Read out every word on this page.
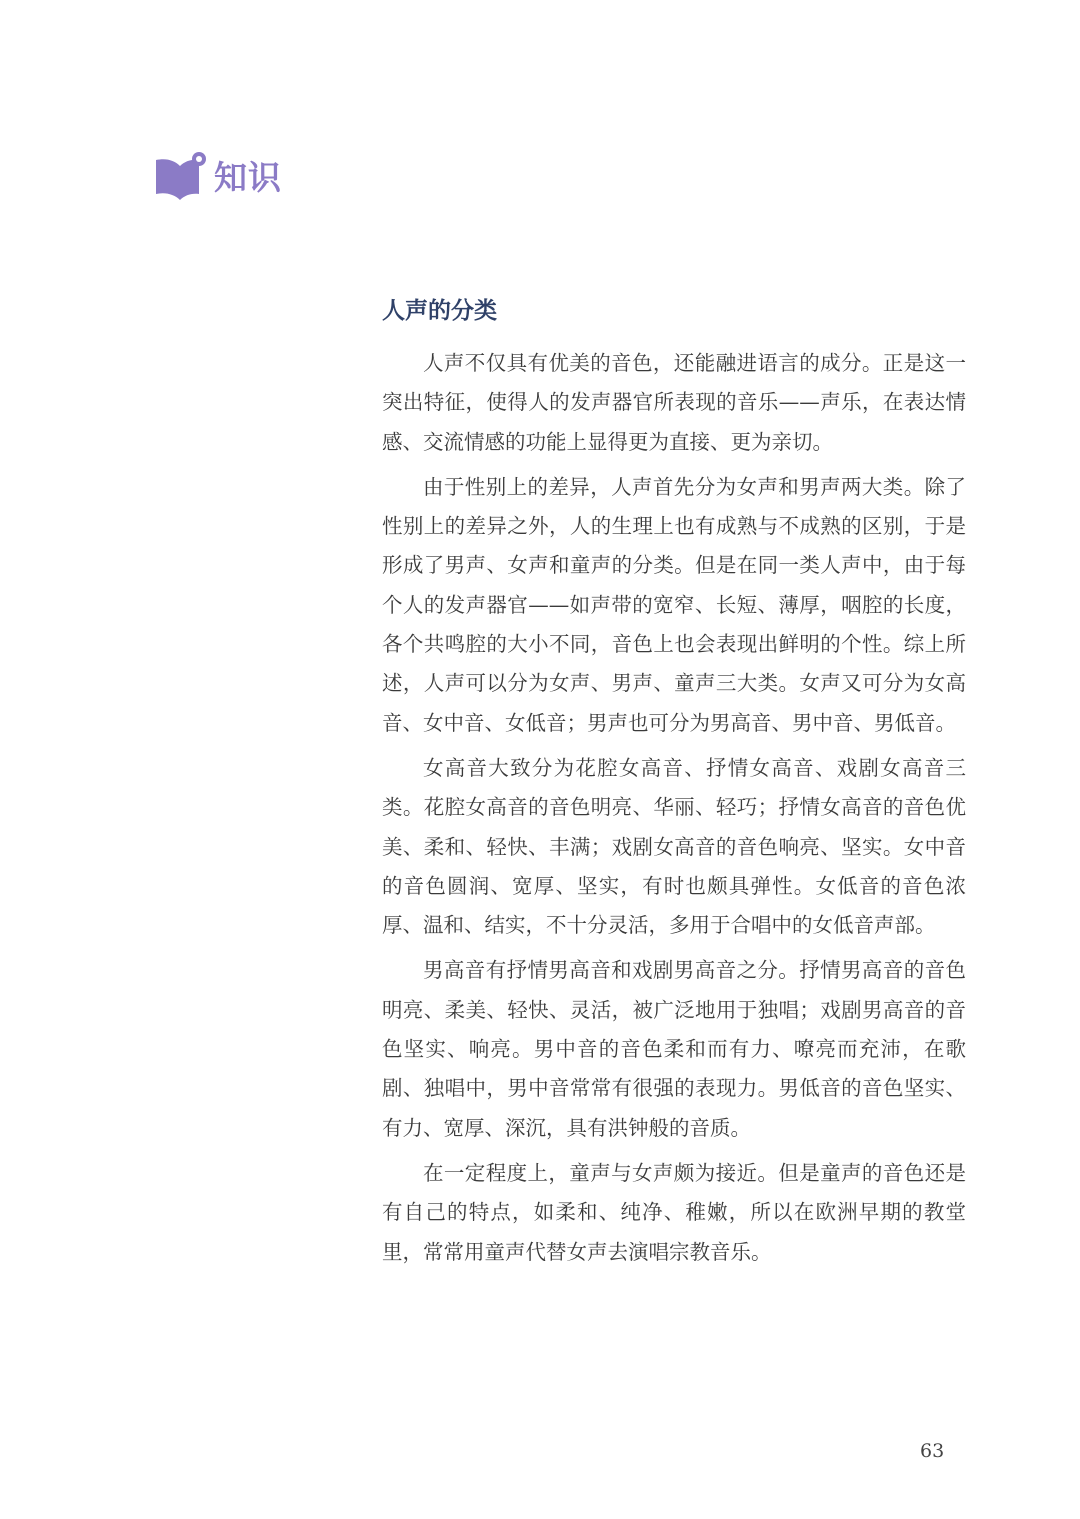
知识
人声的分类

人声不仅具有优美的音色，还能融进语言的成分。正是这一突出特征，使得人的发声器官所表现的音乐——声乐，在表达情感、交流情感的功能上显得更为直接、更为亲切。

由于性别上的差异，人声首先分为女声和男声两大类。除了性别上的差异之外，人的生理上也有成熟与不成熟的区别，于是形成了男声、女声和童声的分类。但是在同一类人声中，由于每个人的发声器官——如声带的宽窄、长短、薄厚，咽腔的长度，各个共鸣腔的大小不同，音色上也会表现出鲜明的个性。综上所述，人声可以分为女声、男声、童声三大类。女声又可分为女高音、女中音、女低音；男声也可分为男高音、男中音、男低音。

女高音大致分为花腔女高音、抒情女高音、戏剧女高音三类。花腔女高音的音色明亮、华丽、轻巧；抒情女高音的音色优美、柔和、轻快、丰满；戏剧女高音的音色响亮、坚实。女中音的音色圆润、宽厚、坚实，有时也颇具弹性。女低音的音色浓厚、温和、结实，不十分灵活，多用于合唱中的女低音声部。

男高音有抒情男高音和戏剧男高音之分。抒情男高音的音色明亮、柔美、轻快、灵活，被广泛地用于独唱；戏剧男高音的音色坚实、响亮。男中音的音色柔和而有力、嘹亮而充沛，在歌剧、独唱中，男中音常常有很强的表现力。男低音的音色坚实、有力、宽厚、深沉，具有洪钟般的音质。

在一定程度上，童声与女声颇为接近。但是童声的音色还是有自己的特点，如柔和、纯净、稚嫩，所以在欧洲早期的教堂里，常常用童声代替女声去演唱宗教音乐。

63
